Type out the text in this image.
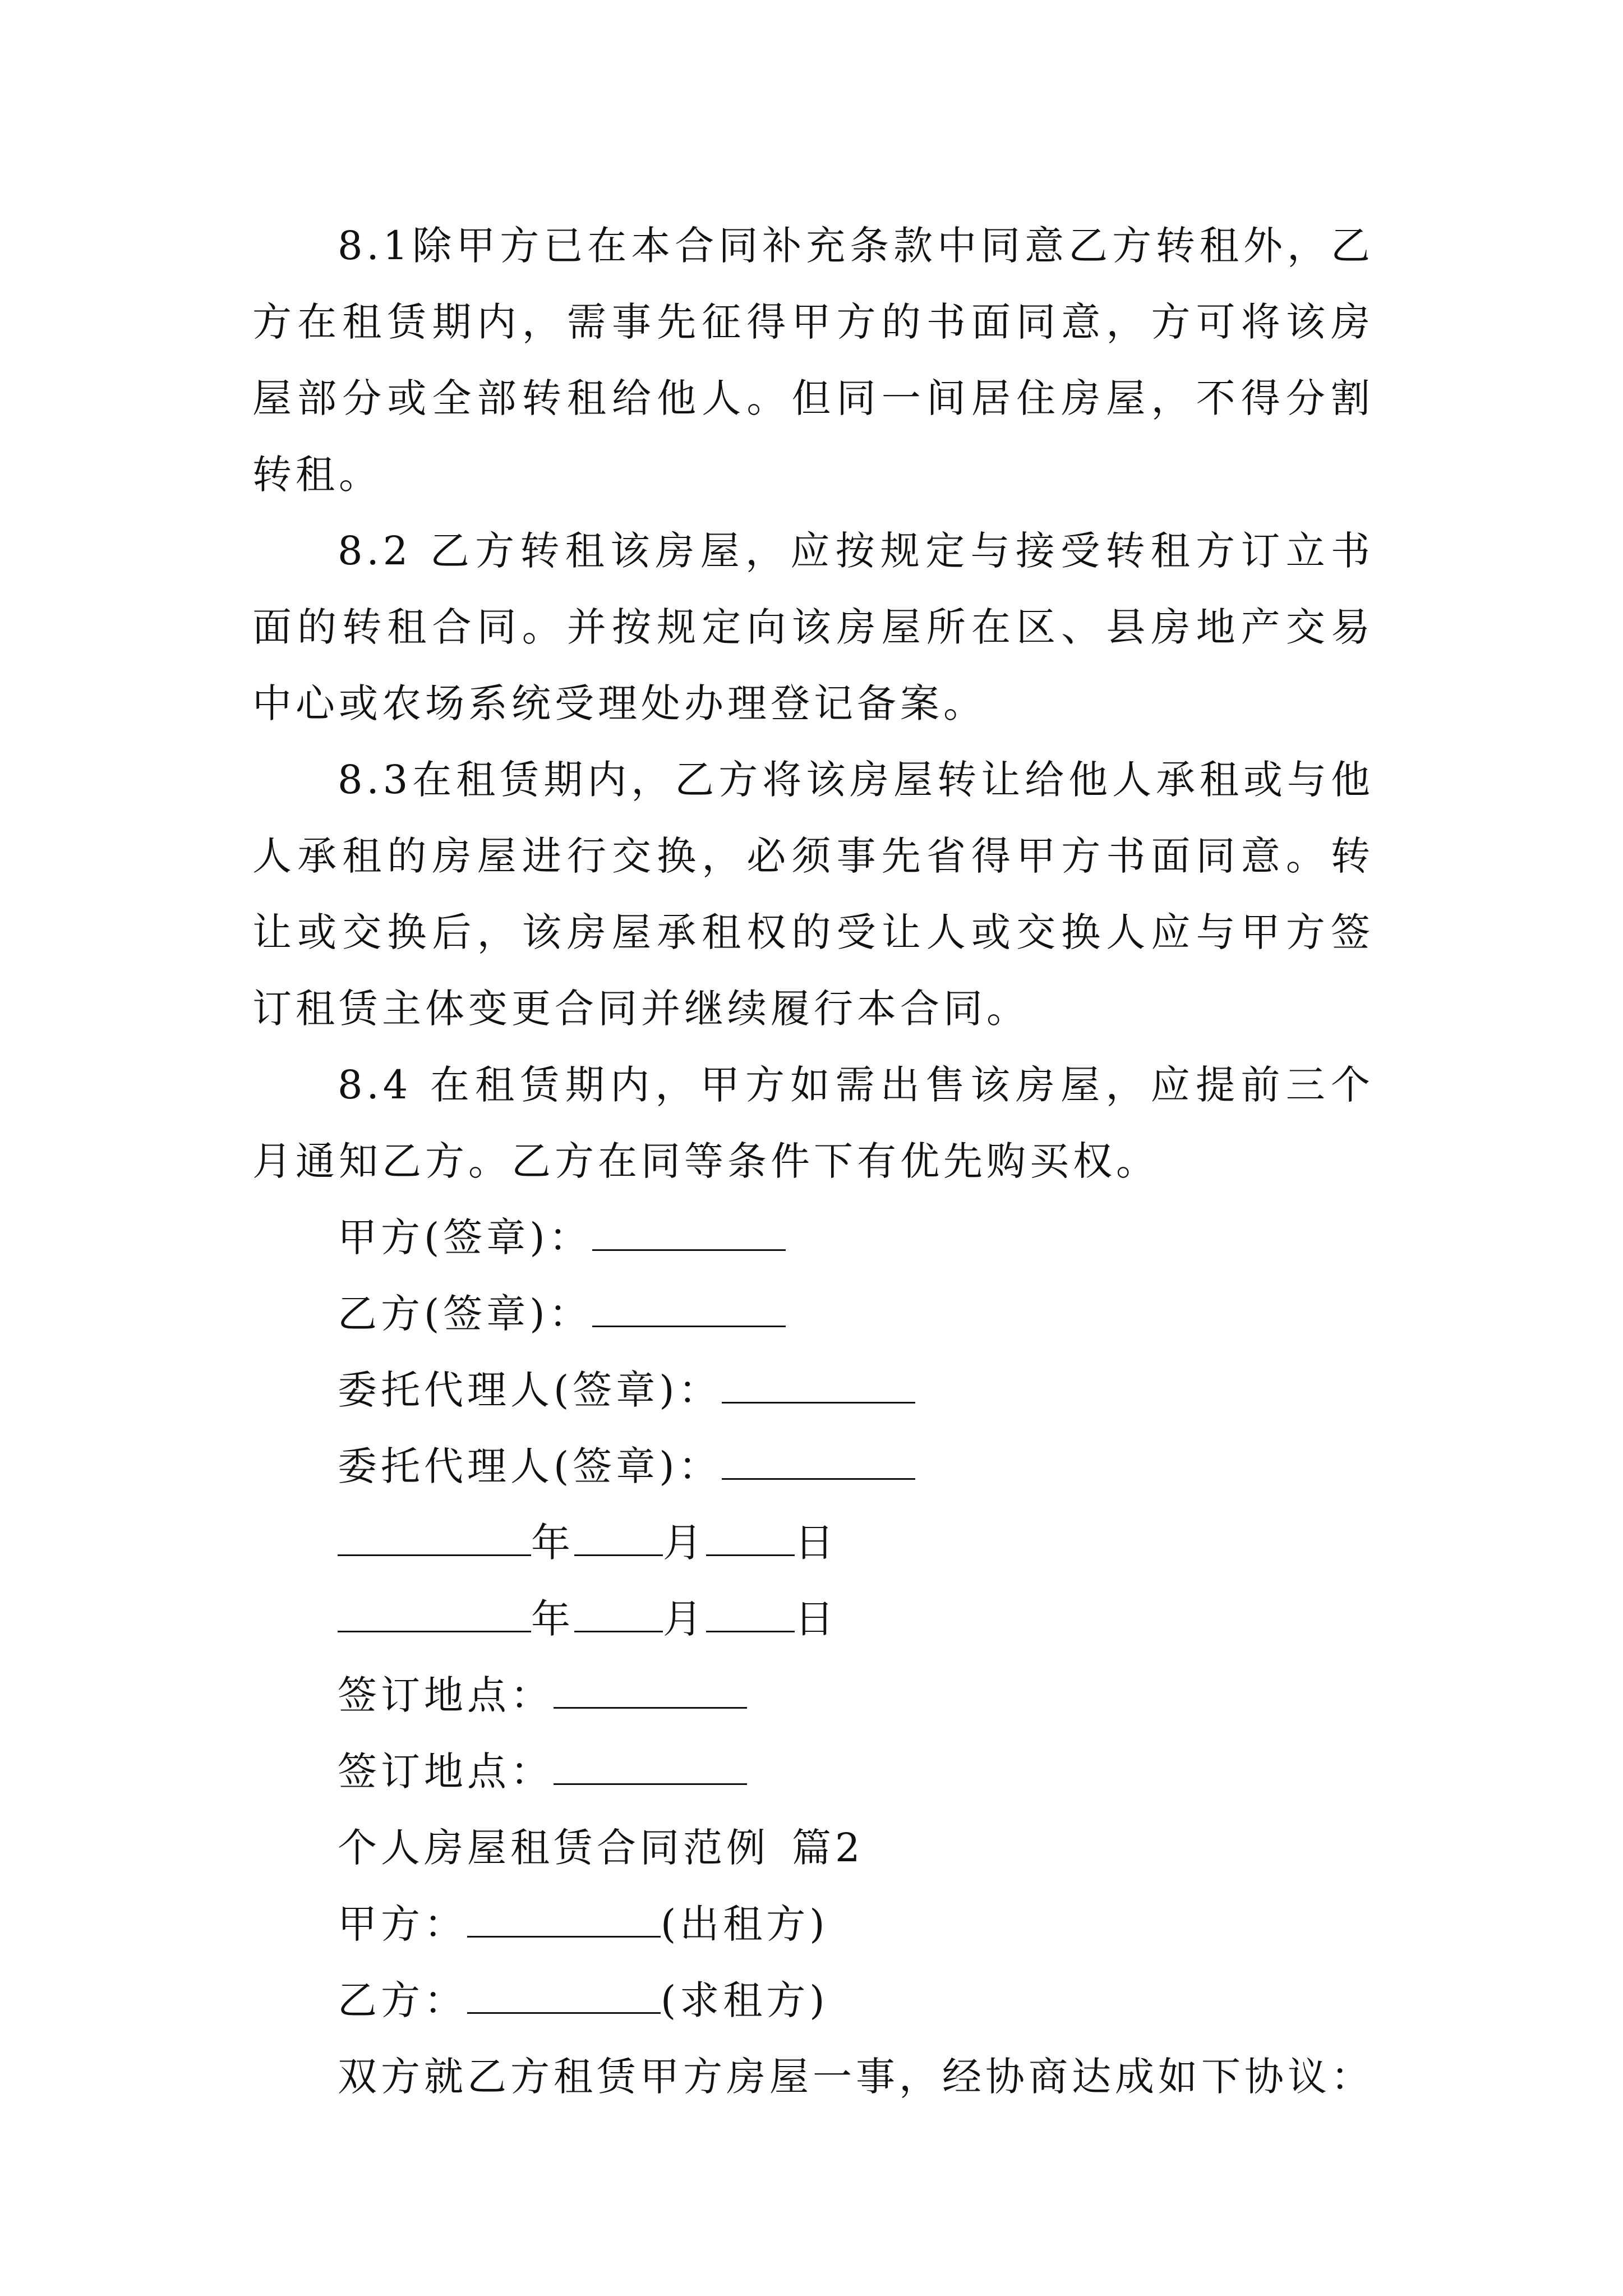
8.1除甲方已在本合同补充条款中同意乙方转租外，乙方在租赁期内，需事先征得甲方的书面同意，方可将该房屋部分或全部转租给他人。但同一间居住房屋，不得分割转租。

8.2 乙方转租该房屋，应按规定与接受转租方订立书面的转租合同。并按规定向该房屋所在区、县房地产交易中心或农场系统受理处办理登记备案。

8.3在租赁期内，乙方将该房屋转让给他人承租或与他人承租的房屋进行交换，必须事先省得甲方书面同意。转让或交换后，该房屋承租权的受让人或交换人应与甲方签订租赁主体变更合同并继续履行本合同。

8.4 在租赁期内，甲方如需出售该房屋，应提前三个月通知乙方。乙方在同等条件下有优先购买权。

甲方(签章)：

乙方(签章)：

委托代理人(签章)：

委托代理人(签章)：

年 月 日

年 月 日

签订地点：

签订地点：

个人房屋租赁合同范例 篇2

甲方：	(出租方)

乙方：	(求租方)

双方就乙方租赁甲方房屋一事，经协商达成如下协议：
